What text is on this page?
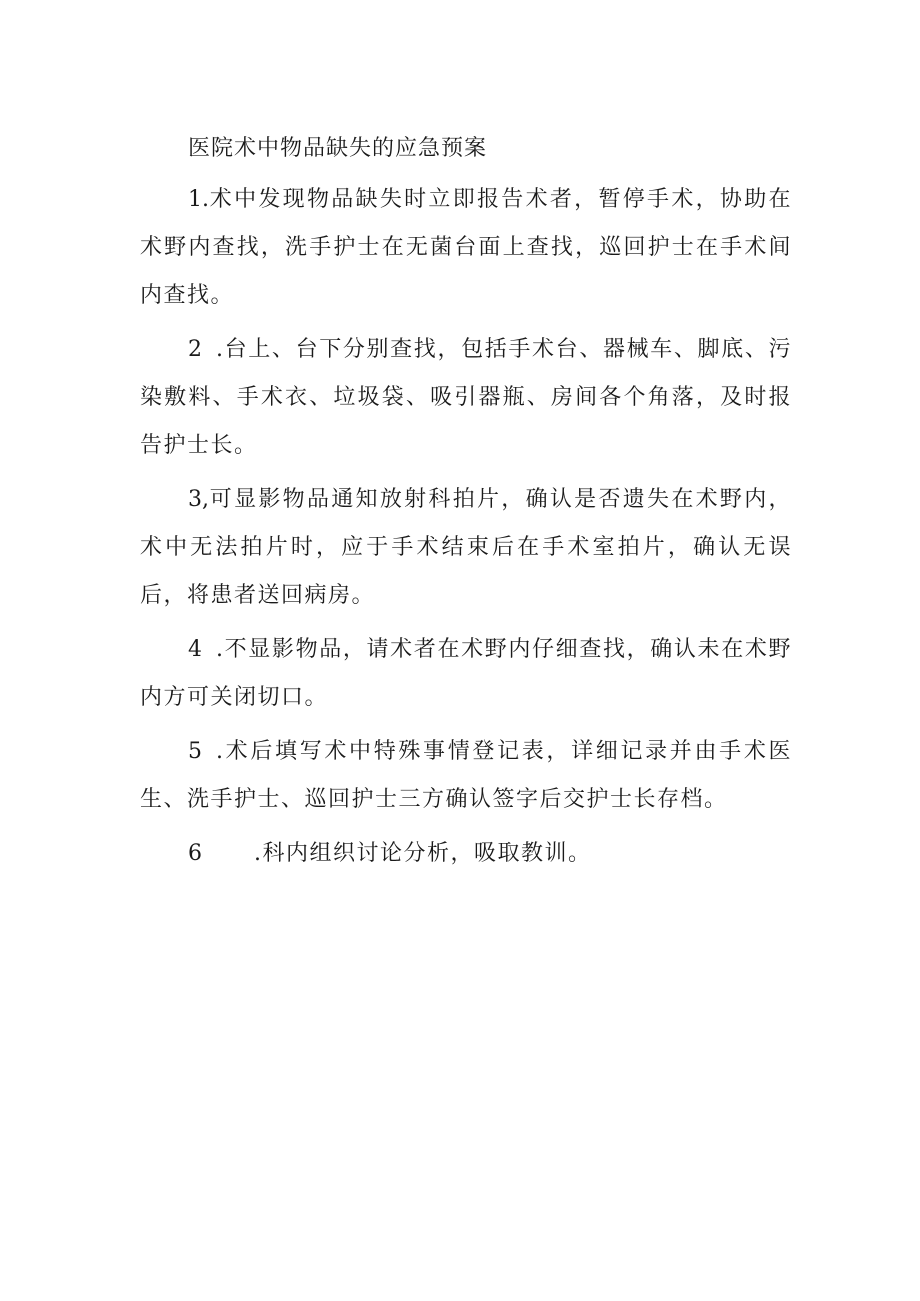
医院术中物品缺失的应急预案

1.术中发现物品缺失时立即报告术者，暂停手术，协助在术野内查找，洗手护士在无菌台面上查找，巡回护士在手术间内查找。

2 .台上、台下分别查找，包括手术台、器械车、脚底、污染敷料、手术衣、垃圾袋、吸引器瓶、房间各个角落，及时报告护士长。

3,可显影物品通知放射科拍片，确认是否遗失在术野内，术中无法拍片时，应于手术结束后在手术室拍片，确认无误后，将患者送回病房。

4 .不显影物品，请术者在术野内仔细查找，确认未在术野内方可关闭切口。

5 .术后填写术中特殊事情登记表，详细记录并由手术医生、洗手护士、巡回护士三方确认签字后交护士长存档。

6 .科内组织讨论分析，吸取教训。
